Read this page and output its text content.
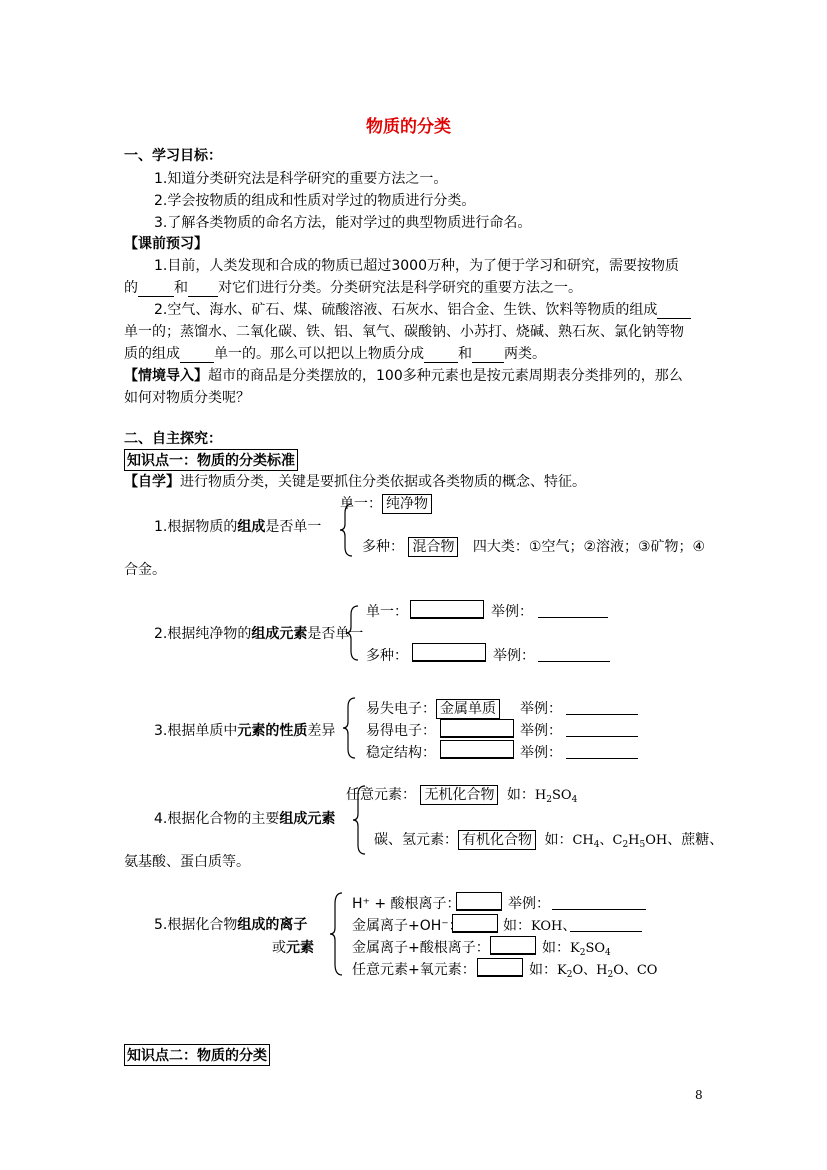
物质的分类
一、学习目标：
1.知道分类研究法是科学研究的重要方法之一。
2.学会按物质的组成和性质对学过的物质进行分类。
3.了解各类物质的命名方法，能对学过的典型物质进行命名。
【课前预习】
1.目前，人类发现和合成的物质已超过3000万种，为了便于学习和研究，需要按物质
的	和 对它们进行分类。分类研究法是科学研究的重要方法之一。
2.空气、海水、矿石、煤、硫酸溶液、石灰水、铝合金、生铁、饮料等物质的组成
单一的；蒸馏水、二氧化碳、铁、铝、氧气、碳酸钠、小苏打、烧碱、熟石灰、氯化钠等物
质的组成 单一的。那么可以把以上物质分成 和 两类。
【情境导入】超市的商品是分类摆放的，100多种元素也是按元素周期表分类排列的，那么
如何对物质分类呢？
二、自主探究：
知识点一：物质的分类标准
【自学】进行物质分类，关键是要抓住分类依据或各类物质的概念、特征。
1.根据物质的组成是否单一
单一： 纯净物
多种： 混合物 四大类：①空气；②溶液；③矿物；④
合金。
2.根据纯净物的组成元素是否单一
单一：	举例：
多种：	举例：
3.根据单质中元素的性质差异
易失电子： 金属单质 举例：
易得电子：	举例：
稳定结构：	举例：
4.根据化合物的主要组成元素
任意元素： 无机化合物 如：$H_2SO_4$
碳、氢元素： 有机化合物 如：$CH_4$、$C_2H_5OH$、蔗糖、
氨基酸、蛋白质等。
5.根据化合物组成的离子
或元素
H⁺ + 酸根离子：	举例：
金属离子+OH⁻：	如：KOH、
金属离子+酸根离子：	如：$K_2SO_4$
任意元素+氧元素：	如：$K_2O$、$H_2O$、CO
知识点二：物质的分类
8
